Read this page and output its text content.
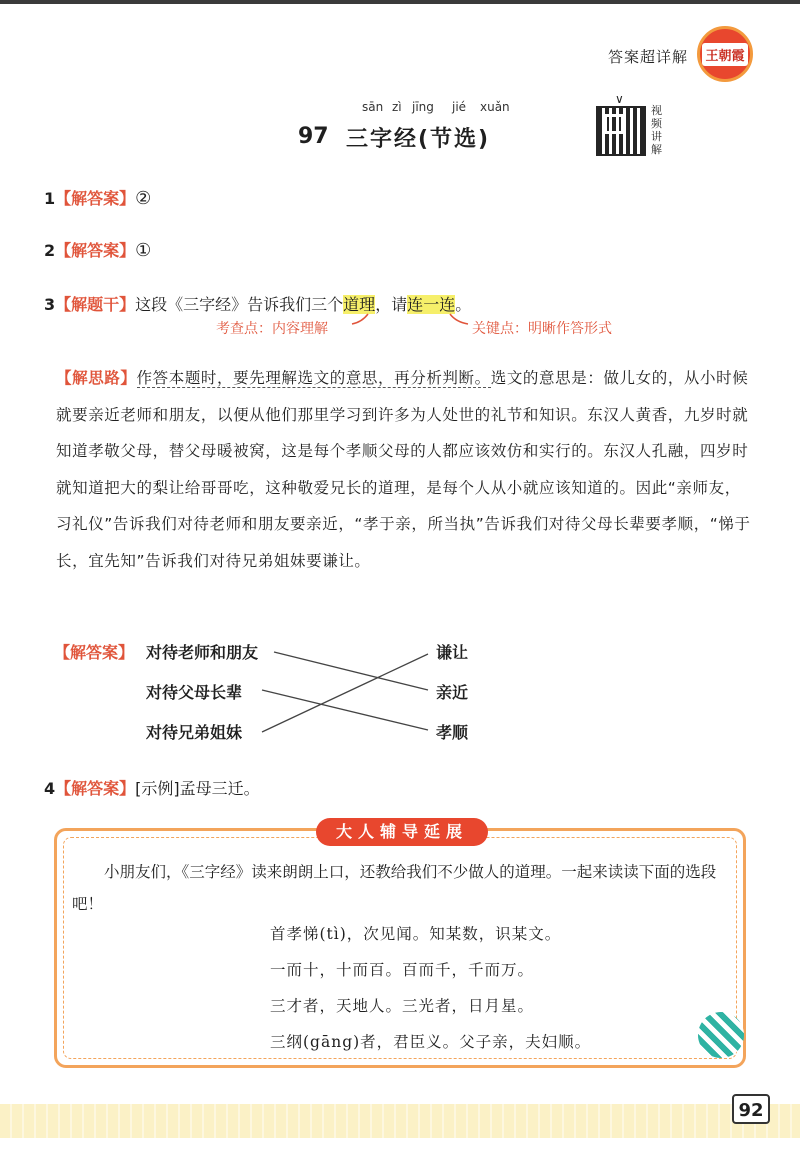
答案超详解 王朝霞
sān zì jīng jié xuǎn
97 三字经(节选)
∨
视频讲解
1【解答案】②
2【解答案】①
3【解题干】这段《三字经》告诉我们三个道理，请连一连。
考查点：内容理解	关键点：明晰作答形式
【解思路】作答本题时，要先理解选文的意思，再分析判断。选文的意思是：做儿女的，从小时候就要亲近老师和朋友，以便从他们那里学习到许多为人处世的礼节和知识。东汉人黄香，九岁时就知道孝敬父母，替父母暖被窝，这是每个孝顺父母的人都应该效仿和实行的。东汉人孔融，四岁时就知道把大的梨让给哥哥吃，这种敬爱兄长的道理，是每个人从小就应该知道的。因此“亲师友，习礼仪”告诉我们对待老师和朋友要亲近，“孝于亲，所当执”告诉我们对待父母长辈要孝顺，“悌于长，宜先知”告诉我们对待兄弟姐妹要谦让。
【解答案】 对待老师和朋友
对待父母长辈
对待兄弟姐妹
谦让
亲近
孝顺
4【解答案】[示例]孟母三迁。
大人辅导延展
小朋友们，《三字经》读来朗朗上口，还教给我们不少做人的道理。一起来读读下面的选段吧！
首孝悌(tì)，次见闻。知某数，识某文。
一而十，十而百。百而千，千而万。
三才者，天地人。三光者，日月星。
三纲(gāng)者，君臣义。父子亲，夫妇顺。
92
